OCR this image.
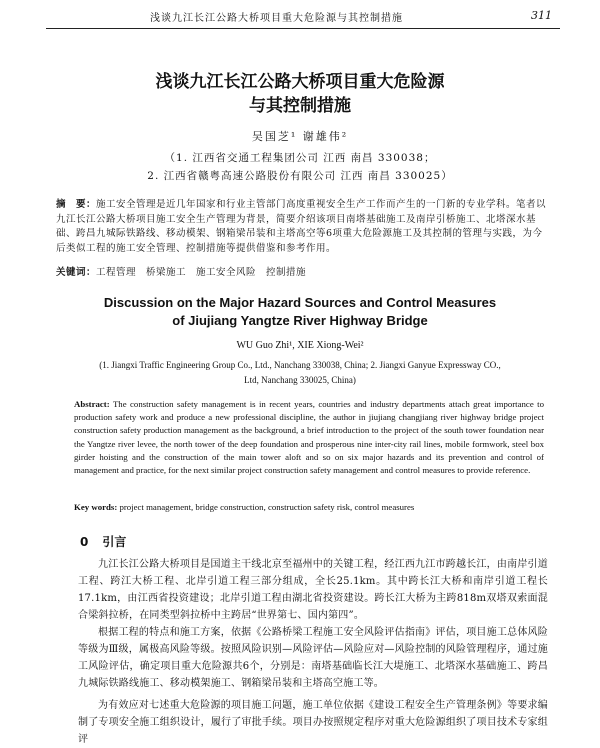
浅谈九江长江公路大桥项目重大危险源与其控制措施	311
浅谈九江长江公路大桥项目重大危险源
与其控制措施
吴国芝¹ 谢雄伟²
（1. 江西省交通工程集团公司 江西 南昌 330038；
2. 江西省赣粤高速公路股份有限公司 江西 南昌 330025）
摘　要：施工安全管理是近几年国家和行业主管部门高度重视安全生产工作而产生的一门新的专业学科。笔者以九江长江公路大桥项目施工安全生产管理为背景，简要介绍该项目南塔基础施工及南岸引桥施工、北塔深水基础、跨昌九城际铁路线、移动模架、钢箱梁吊装和主塔高空等6项重大危险源施工及其控制的管理与实践，为今后类似工程的施工安全管理、控制措施等提供借鉴和参考作用。
关键词：工程管理　桥梁施工　施工安全风险　控制措施
Discussion on the Major Hazard Sources and Control Measures
of Jiujiang Yangtze River Highway Bridge
WU Guo Zhi¹, XIE Xiong-Wei²
(1. Jiangxi Traffic Engineering Group Co., Ltd., Nanchang 330038, China; 2. Jiangxi Ganyue Expressway CO.,
Ltd, Nanchang 330025, China)
Abstract: The construction safety management is in recent years, countries and industry departments attach great importance to production safety work and produce a new professional discipline, the author in jiujiang changjiang river highway bridge project construction safety production management as the background, a brief introduction to the project of the south tower foundation near the Yangtze river levee, the north tower of the deep foundation and prosperous nine inter-city rail lines, mobile formwork, steel box girder hoisting and the construction of the main tower aloft and so on six major hazards and its prevention and control of management and practice, for the next similar project construction safety management and control measures to provide reference.
Key words: project management, bridge construction, construction safety risk, control measures
0 引言
九江长江公路大桥项目是国道主干线北京至福州中的关键工程，经江西九江市跨越长江，由南岸引道工程、跨江大桥工程、北岸引道工程三部分组成，全长25.1km。其中跨长江大桥和南岸引道工程长17.1km，由江西省投资建设；北岸引道工程由湖北省投资建设。跨长江大桥为主跨818m双塔双索面混合梁斜拉桥，在同类型斜拉桥中主跨居“世界第七、国内第四”。
根据工程的特点和施工方案，依据《公路桥梁工程施工安全风险评估指南》评估，项目施工总体风险等级为Ⅲ级，属极高风险等级。按照风险识别—风险评估—风险应对—风险控制的风险管理程序，通过施工风险评估，确定项目重大危险源共6个，分别是：南塔基础临长江大堤施工、北塔深水基础施工、跨昌九城际铁路线施工、移动模架施工、钢箱梁吊装和主塔高空施工等。
为有效应对七述重大危险源的项目施工问题，施工单位依据《建设工程安全生产管理条例》等要求编制了专项安全施工组织设计，履行了审批手续。项目办按照规定程序对重大危险源组织了项目技术专家组评
